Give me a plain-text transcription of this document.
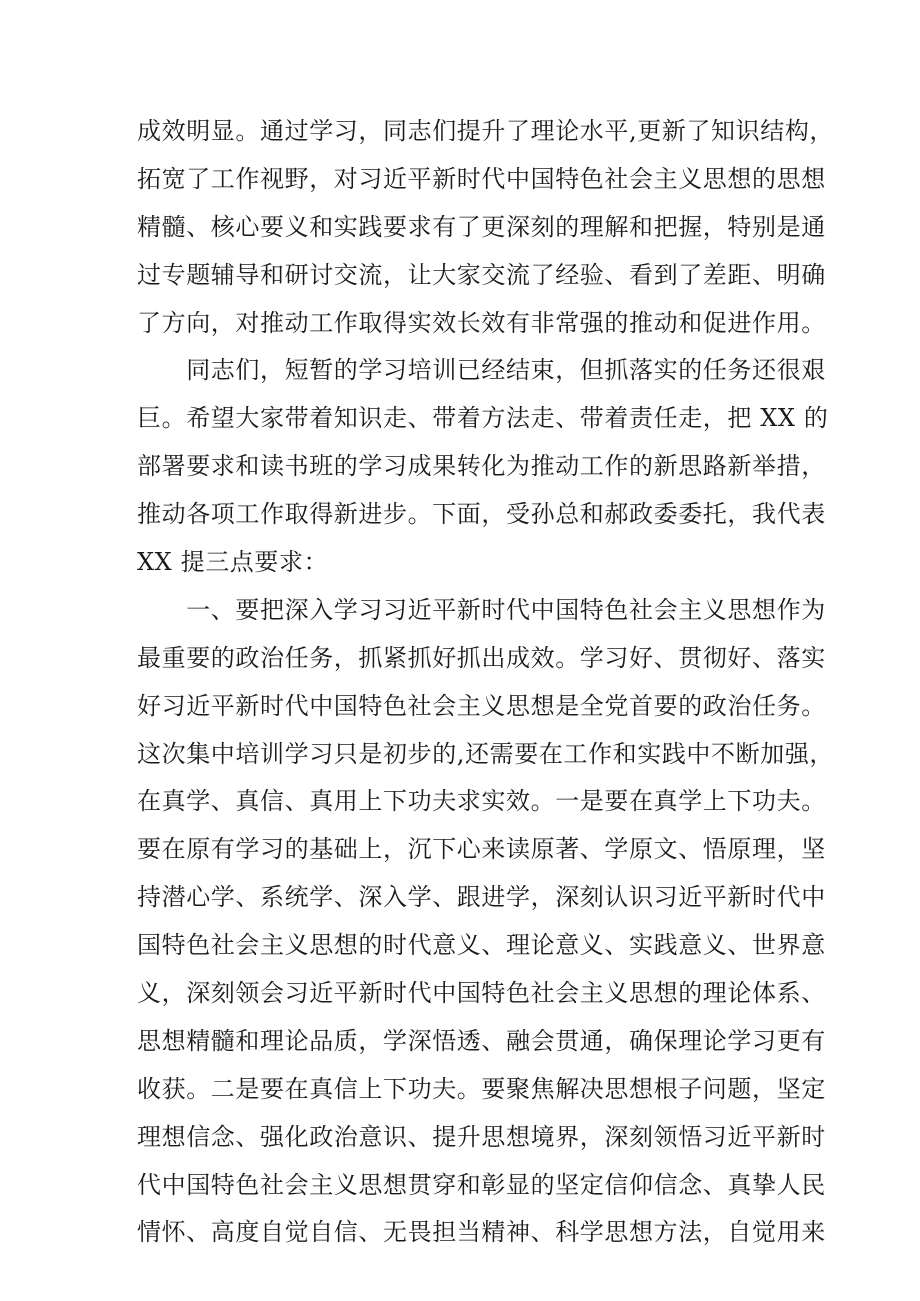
成效明显。通过学习，同志们提升了理论水平,更新了知识结构，
拓宽了工作视野，对习近平新时代中国特色社会主义思想的思想
精髓、核心要义和实践要求有了更深刻的理解和把握，特别是通
过专题辅导和研讨交流，让大家交流了经验、看到了差距、明确
了方向，对推动工作取得实效长效有非常强的推动和促进作用。
　　同志们，短暂的学习培训已经结束，但抓落实的任务还很艰
巨。希望大家带着知识走、带着方法走、带着责任走，把 XX 的
部署要求和读书班的学习成果转化为推动工作的新思路新举措，
推动各项工作取得新进步。下面，受孙总和郝政委委托，我代表
XX 提三点要求：
　　一、要把深入学习习近平新时代中国特色社会主义思想作为
最重要的政治任务，抓紧抓好抓出成效。学习好、贯彻好、落实
好习近平新时代中国特色社会主义思想是全党首要的政治任务。
这次集中培训学习只是初步的,还需要在工作和实践中不断加强，
在真学、真信、真用上下功夫求实效。一是要在真学上下功夫。
要在原有学习的基础上，沉下心来读原著、学原文、悟原理，坚
持潜心学、系统学、深入学、跟进学，深刻认识习近平新时代中
国特色社会主义思想的时代意义、理论意义、实践意义、世界意
义，深刻领会习近平新时代中国特色社会主义思想的理论体系、
思想精髓和理论品质，学深悟透、融会贯通，确保理论学习更有
收获。二是要在真信上下功夫。要聚焦解决思想根子问题，坚定
理想信念、强化政治意识、提升思想境界，深刻领悟习近平新时
代中国特色社会主义思想贯穿和彰显的坚定信仰信念、真挚人民
情怀、高度自觉自信、无畏担当精神、科学思想方法，自觉用来
